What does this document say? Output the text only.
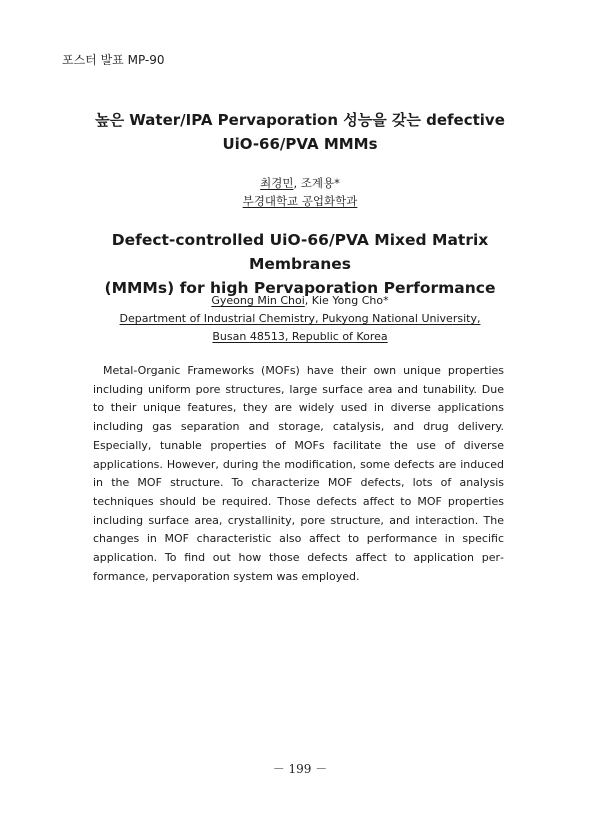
포스터 발표 MP-90
높은 Water/IPA Pervaporation 성능을 갖는 defective
UiO-66/PVA MMMs
최경민, 조계용*
부경대학교 공업화학과
Defect-controlled UiO-66/PVA Mixed Matrix Membranes
(MMMs) for high Pervaporation Performance
Gyeong Min Choi, Kie Yong Cho*
Department of Industrial Chemistry, Pukyong National University,
Busan 48513, Republic of Korea

Metal-Organic Frameworks (MOFs) have their own unique properties including uniform pore structures, large surface area and tunability. Due to their unique features, they are widely used in diverse applications including gas separation and storage, catalysis, and drug delivery. Especially, tunable properties of MOFs facilitate the use of diverse applications. However, during the modification, some defects are induced in the MOF structure. To characterize MOF defects, lots of analysis techniques should be required. Those defects affect to MOF properties including surface area, crystallinity, pore structure, and interaction. The changes in MOF characteristic also affect to performance in specific application. To find out how those defects affect to application performance, pervaporation system was employed.

－ 199 －
